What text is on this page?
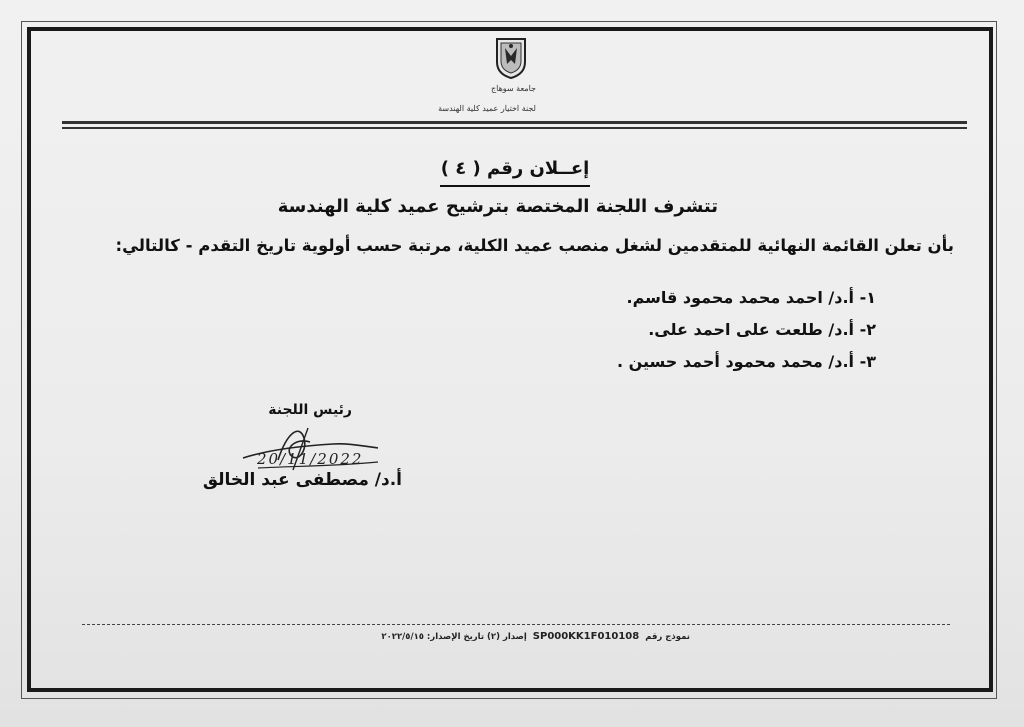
جامعة سوهاج
لجنة اختيار عميد كلية الهندسة
إعــلان رقم ( ٤ )
تتشرف اللجنة المختصة بترشيح عميد كلية الهندسة
بأن تعلن القائمة النهائية للمتقدمين لشغل منصب عميد الكلية، مرتبة حسب أولوية تاريخ التقدم - كالتالي:
١- أ.د/ احمد محمد محمود قاسم.
٢- أ.د/ طلعت على احمد على.
٣- أ.د/ محمد محمود أحمد حسين .
رئيس اللجنة
20/11/2022
أ.د/ مصطفى عبد الخالق
نموذج رقم SP000KK1F010108 إصدار (٢) تاريخ الإصدار: ٢٠٢٢/٥/١٥
